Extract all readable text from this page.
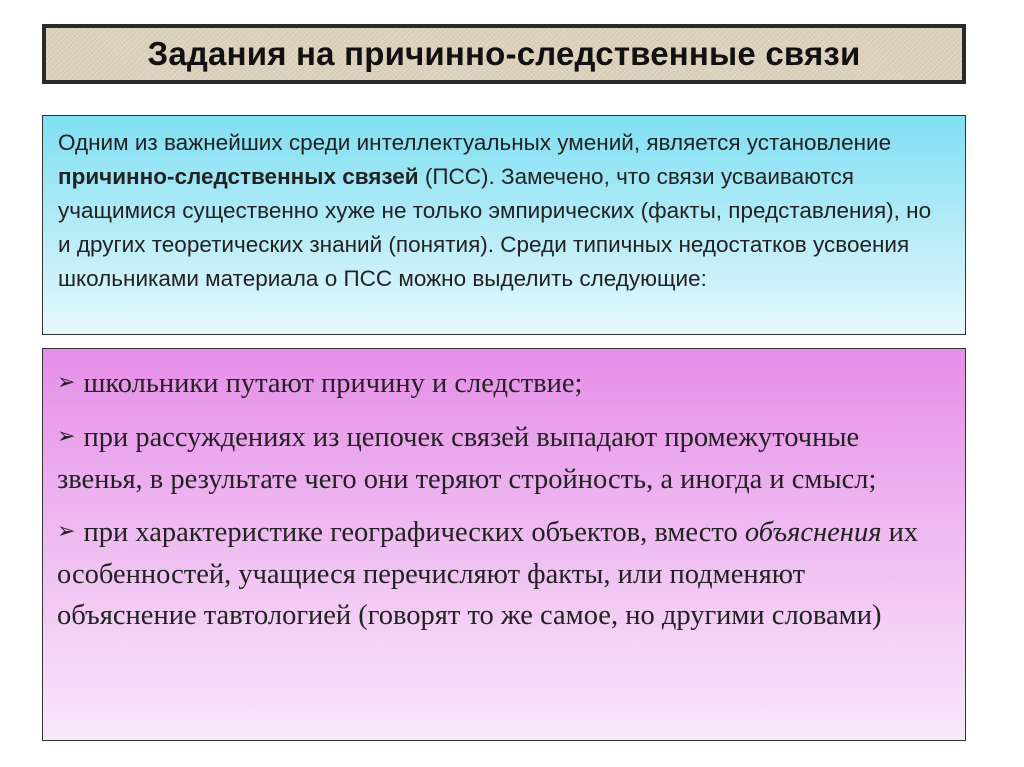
Задания на причинно-следственные связи

Одним из важнейших среди интеллектуальных умений, является установление причинно-следственных связей (ПСС). Замечено, что связи усваиваются учащимися существенно хуже не только эмпирических (факты, представления), но и других теоретических знаний (понятия). Среди типичных недостатков усвоения школьниками материала о ПСС можно выделить следующие:

➢ школьники путают причину и следствие;
➢ при рассуждениях из цепочек связей выпадают промежуточные звенья, в результате чего они теряют стройность, а иногда и смысл;
➢ при характеристике географических объектов, вместо объяснения их особенностей, учащиеся перечисляют факты, или подменяют объяснение тавтологией (говорят то же самое, но другими словами)
